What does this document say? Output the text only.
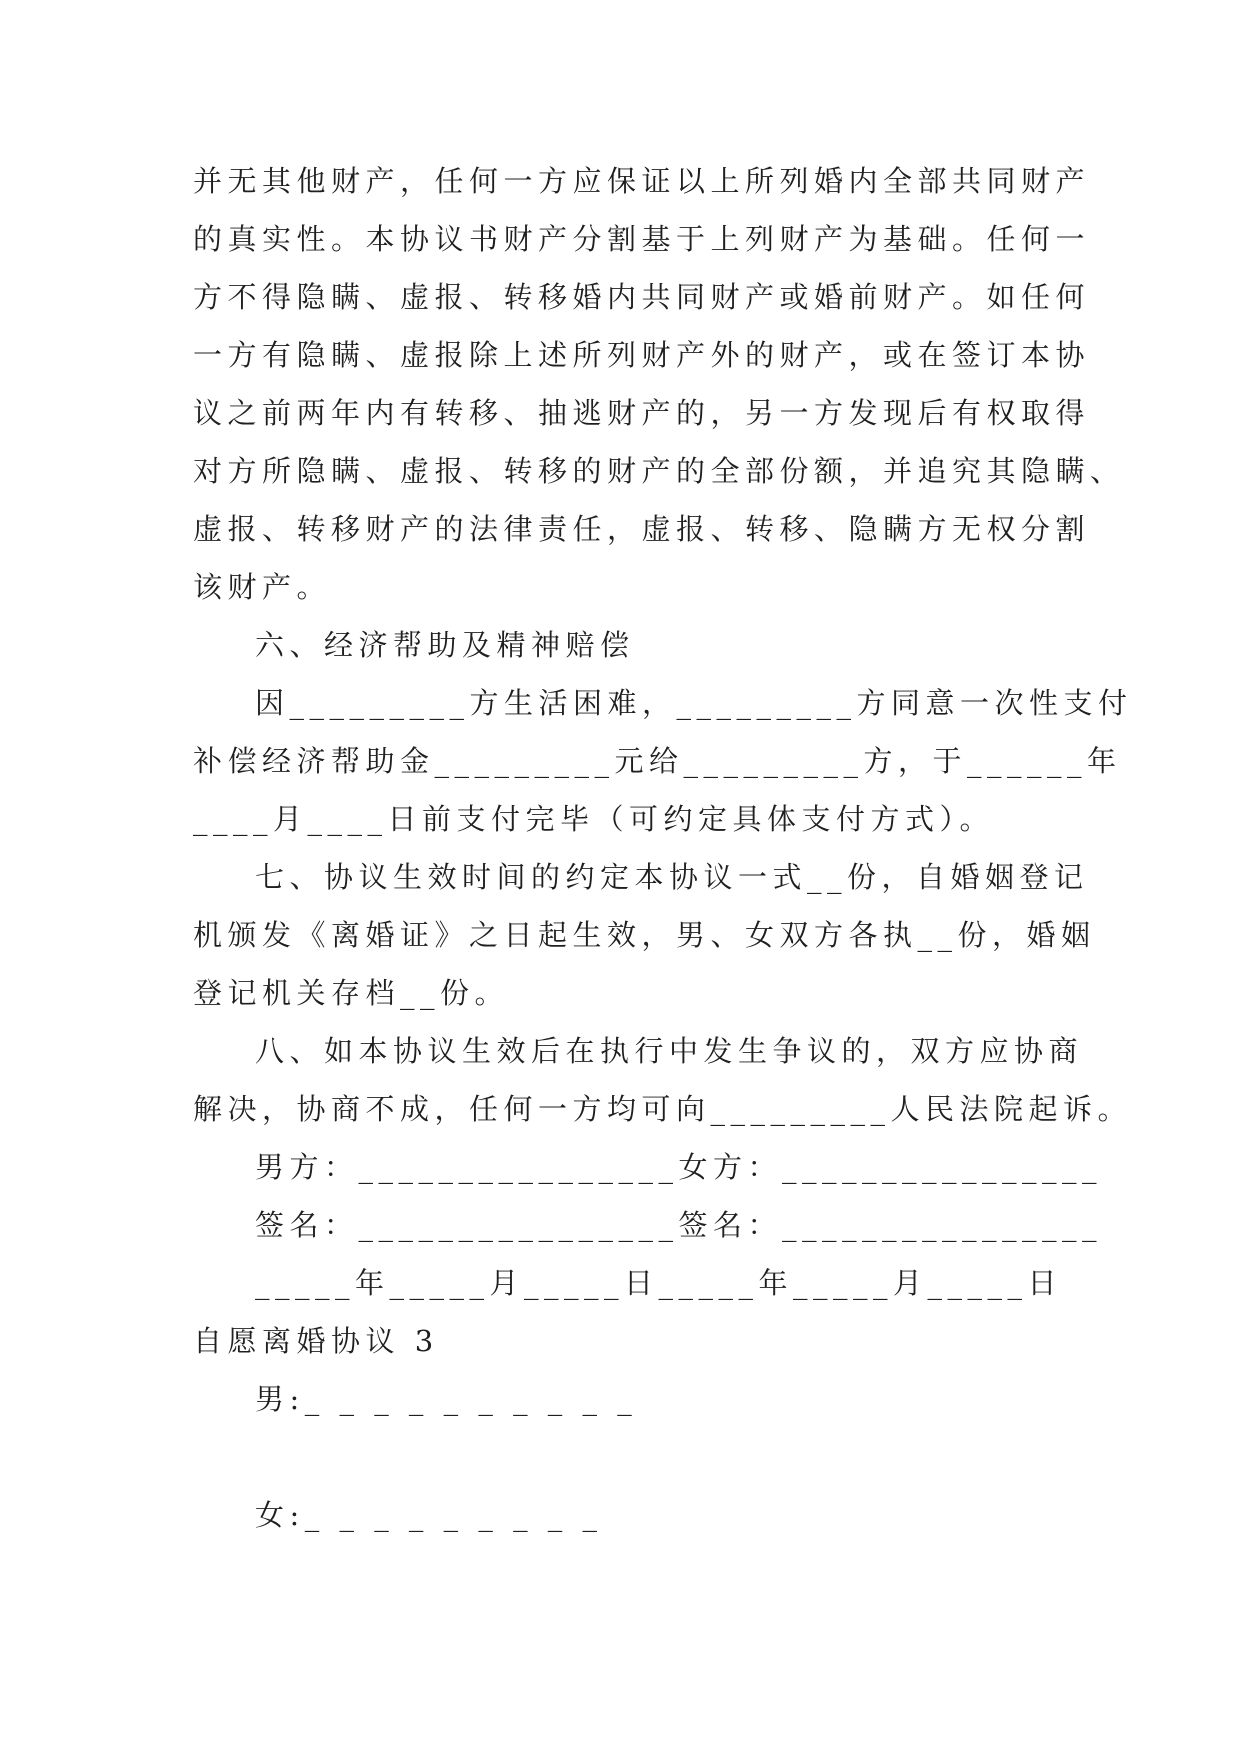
并无其他财产，任何一方应保证以上所列婚内全部共同财产

的真实性。本协议书财产分割基于上列财产为基础。任何一

方不得隐瞒、虚报、转移婚内共同财产或婚前财产。如任何

一方有隐瞒、虚报除上述所列财产外的财产，或在签订本协

议之前两年内有转移、抽逃财产的，另一方发现后有权取得

对方所隐瞒、虚报、转移的财产的全部份额，并追究其隐瞒、

虚报、转移财产的法律责任，虚报、转移、隐瞒方无权分割

该财产。

六、经济帮助及精神赔偿

因_________方生活困难，_________方同意一次性支付

补偿经济帮助金_________元给_________方，于______年

____月____日前支付完毕（可约定具体支付方式）。

七、协议生效时间的约定本协议一式__份，自婚姻登记

机颁发《离婚证》之日起生效，男、女双方各执__份，婚姻

登记机关存档__份。

八、如本协议生效后在执行中发生争议的，双方应协商

解决，协商不成，任何一方均可向_________人民法院起诉。

男方：________________女方：________________

签名：________________签名：________________

_____年_____月_____日_____年_____月_____日

自愿离婚协议 3

男:_ _ _ _ _ _ _ _ _ _

女:_ _ _ _ _ _ _ _ _
